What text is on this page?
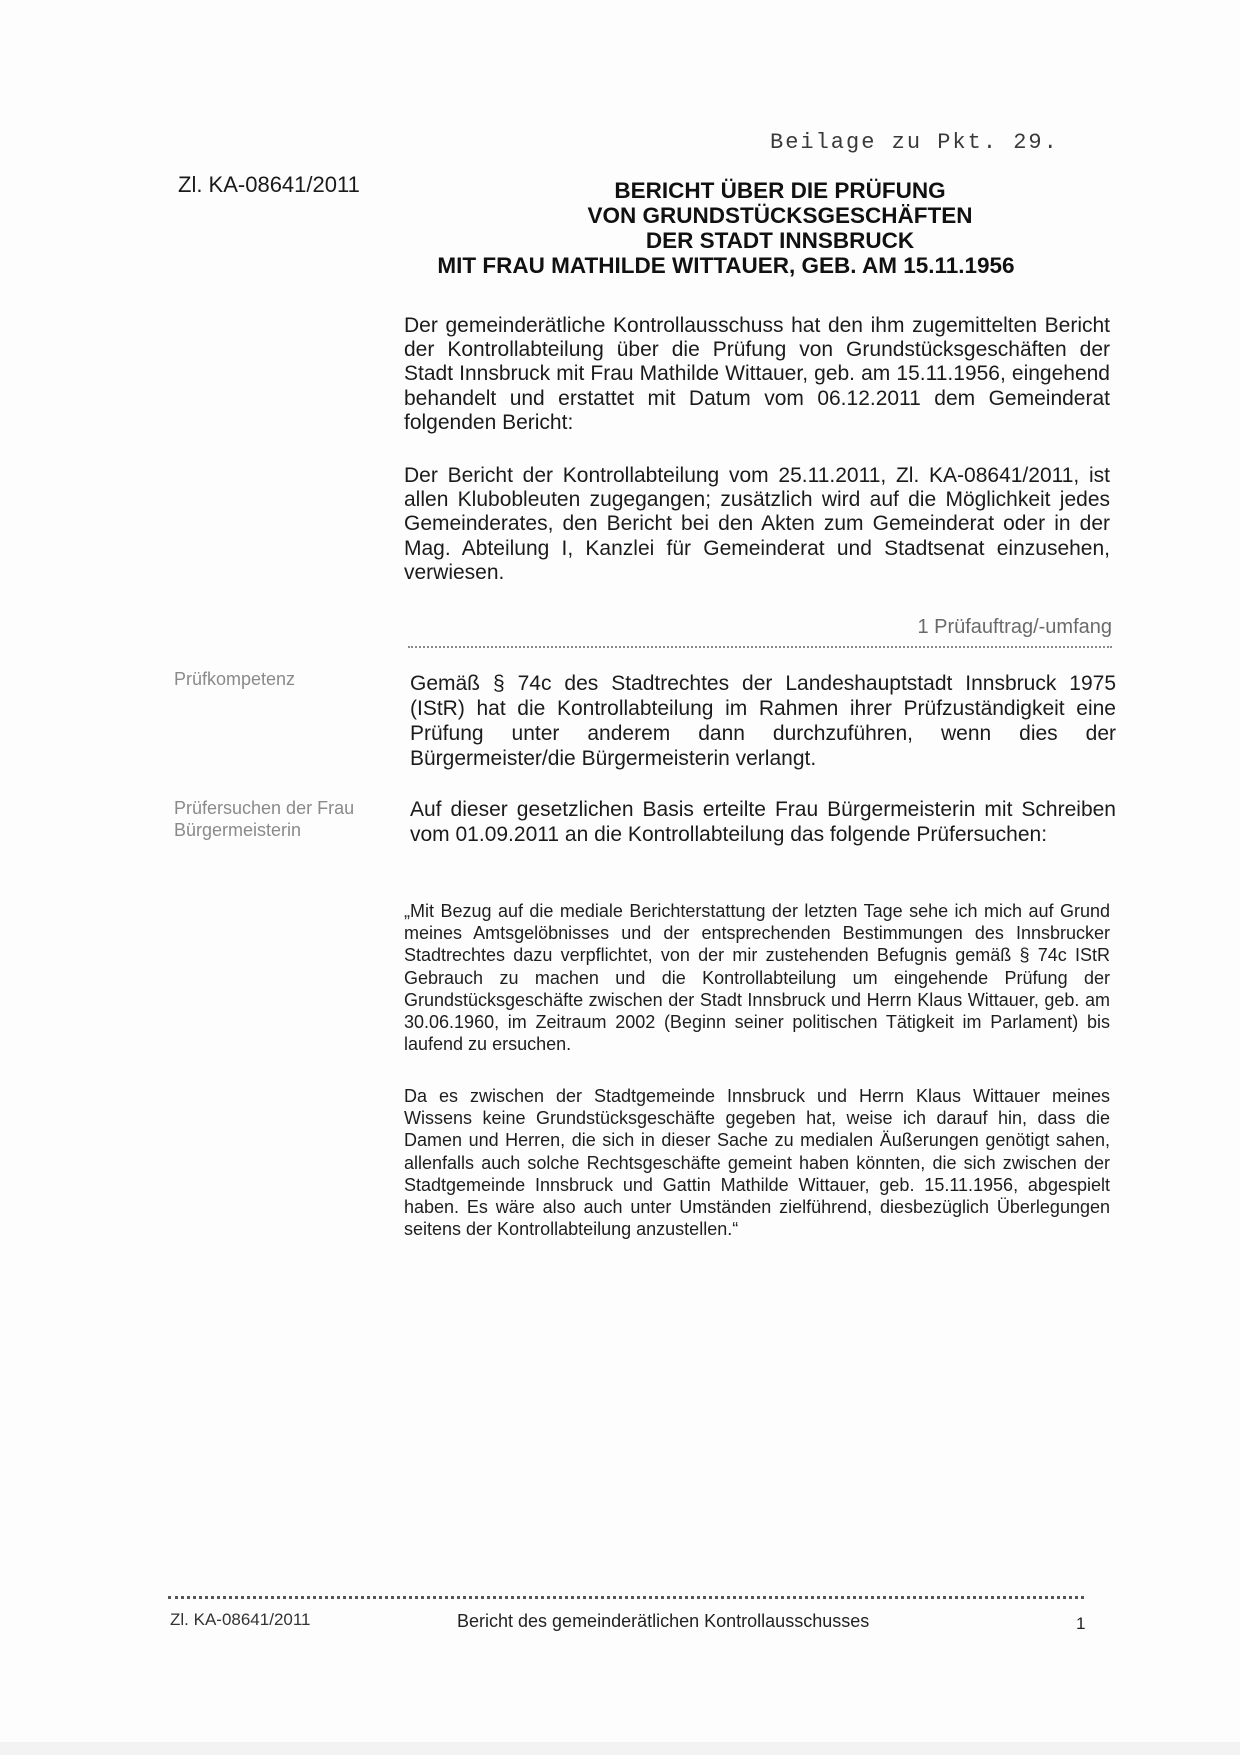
Beilage zu Pkt. 29.
Zl. KA-08641/2011	BERICHT ÜBER DIE PRÜFUNG
VON GRUNDSTÜCKSGESCHÄFTEN
DER STADT INNSBRUCK
MIT FRAU MATHILDE WITTAUER, GEB. AM 15.11.1956

Der gemeinderätliche Kontrollausschuss hat den ihm zugemittelten Bericht der Kontrollabteilung über die Prüfung von Grundstücksgeschäften der Stadt Innsbruck mit Frau Mathilde Wittauer, geb. am 15.11.1956, eingehend behandelt und erstattet mit Datum vom 06.12.2011 dem Gemeinderat folgenden Bericht:

Der Bericht der Kontrollabteilung vom 25.11.2011, Zl. KA-08641/2011, ist allen Klubobleuten zugegangen; zusätzlich wird auf die Möglichkeit jedes Gemeinderates, den Bericht bei den Akten zum Gemeinderat oder in der Mag. Abteilung I, Kanzlei für Gemeinderat und Stadtsenat einzusehen, verwiesen.

1 Prüfauftrag/-umfang
Prüfkompetenz
Prüfersuchen der Frau Bürgermeisterin

Gemäß § 74c des Stadtrechtes der Landeshauptstadt Innsbruck 1975 (IStR) hat die Kontrollabteilung im Rahmen ihrer Prüfzuständigkeit eine Prüfung unter anderem dann durchzuführen, wenn dies der Bürgermeister/die Bürgermeisterin verlangt.

Auf dieser gesetzlichen Basis erteilte Frau Bürgermeisterin mit Schreiben vom 01.09.2011 an die Kontrollabteilung das folgende Prüfersuchen:

„Mit Bezug auf die mediale Berichterstattung der letzten Tage sehe ich mich auf Grund meines Amtsgelöbnisses und der entsprechenden Bestimmungen des Innsbrucker Stadtrechtes dazu verpflichtet, von der mir zustehenden Befugnis gemäß § 74c IStR Gebrauch zu machen und die Kontrollabteilung um eingehende Prüfung der Grundstücksgeschäfte zwischen der Stadt Innsbruck und Herrn Klaus Wittauer, geb. am 30.06.1960, im Zeitraum 2002 (Beginn seiner politischen Tätigkeit im Parlament) bis laufend zu ersuchen.

Da es zwischen der Stadtgemeinde Innsbruck und Herrn Klaus Wittauer meines Wissens keine Grundstücksgeschäfte gegeben hat, weise ich darauf hin, dass die Damen und Herren, die sich in dieser Sache zu medialen Äußerungen genötigt sahen, allenfalls auch solche Rechtsgeschäfte gemeint haben könnten, die sich zwischen der Stadtgemeinde Innsbruck und Gattin Mathilde Wittauer, geb. 15.11.1956, abgespielt haben. Es wäre also auch unter Umständen zielführend, diesbezüglich Überlegungen seitens der Kontrollabteilung anzustellen.“

Zl. KA-08641/2011	Bericht des gemeinderätlichen Kontrollausschusses	1
